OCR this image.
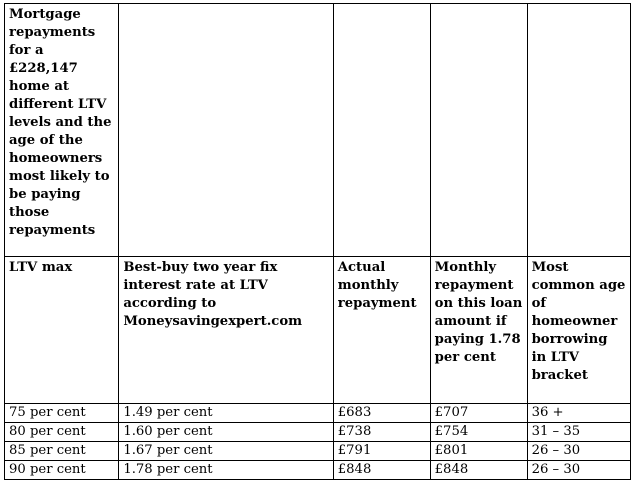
Mortgage repayments for a £228,147 home at different LTV levels and the age of the homeowners most likely to be paying those repayments				
LTV max	Best-buy two year fix interest rate at LTV according to Moneysavingexpert.com	Actual monthly repayment	Monthly repayment on this loan amount if paying 1.78 per cent	Most common age of homeowner borrowing in LTV bracket
75 per cent	1.49 per cent	£683	£707	36 +
80 per cent	1.60 per cent	£738	£754	31 – 35
85 per cent	1.67 per cent	£791	£801	26 – 30
90 per cent	1.78 per cent	£848	£848	26 – 30
